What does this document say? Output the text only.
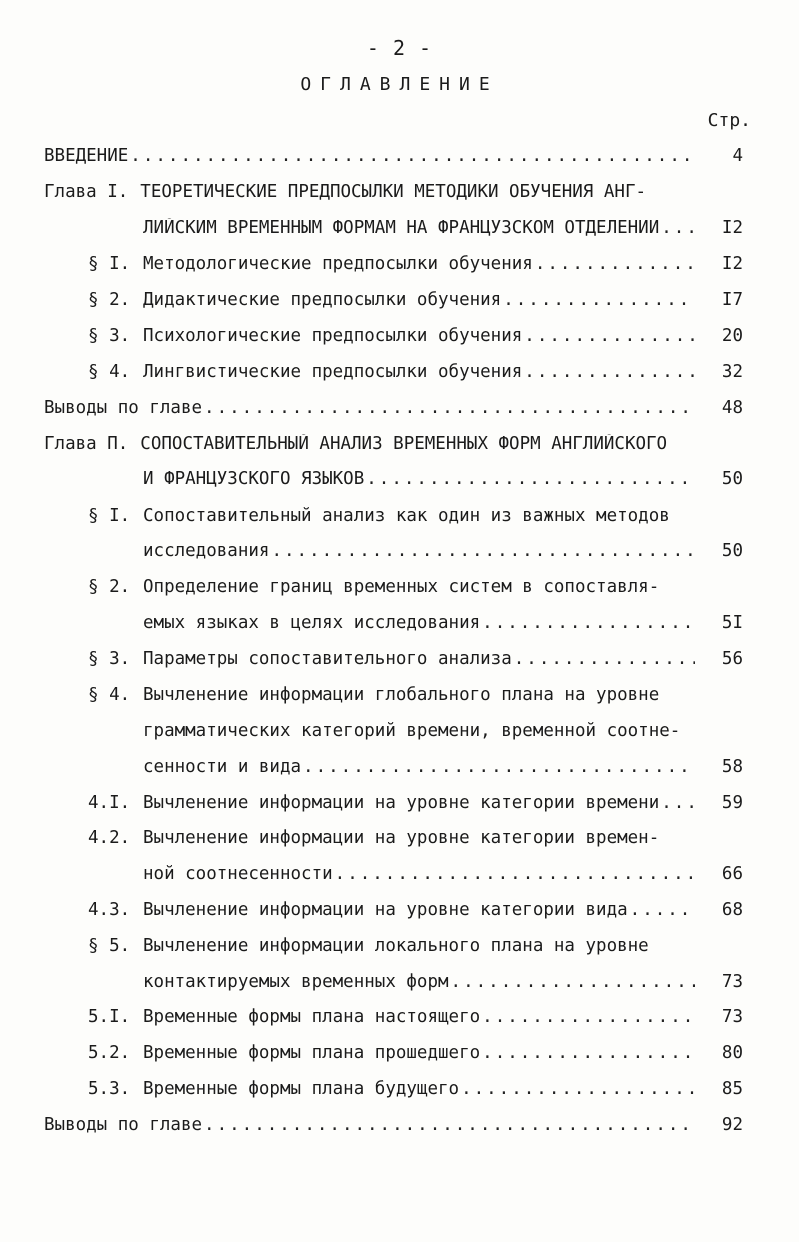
- 2 -
ОГЛАВЛЕНИЕ
Стр.
ВВЕДЕНИЕ .....	4
Глава I. ТЕОРЕТИЧЕСКИЕ ПРЕДПОСЫЛКИ МЕТОДИКИ ОБУЧЕНИЯ АНГ-
ЛИЙСКИМ ВРЕМЕННЫМ ФОРМАМ НА ФРАНЦУЗСКОМ ОТДЕЛЕНИИ .....	I2
§ I. Методологические предпосылки обучения .....	I2
§ 2. Дидактические предпосылки обучения .....	I7
§ 3. Психологические предпосылки обучения .....	20
§ 4. Лингвистические предпосылки обучения .....	32
Выводы по главе .....	48
Глава П. СОПОСТАВИТЕЛЬНЫЙ АНАЛИЗ ВРЕМЕННЫХ ФОРМ АНГЛИЙСКОГО
И ФРАНЦУЗСКОГО ЯЗЫКОВ .....	50
§ I. Сопоставительный анализ как один из важных методов
исследования .....	50
§ 2. Определение границ временных систем в сопоставля-
емых языках в целях исследования .....	5I
§ 3. Параметры сопоставительного анализа .....	56
§ 4. Вычленение информации глобального плана на уровне
грамматических категорий времени, временной соотне-
сенности и вида .....	58
4.I. Вычленение информации на уровне категории времени .....	59
4.2. Вычленение информации на уровне категории времен-
ной соотнесенности .....	66
4.3. Вычленение информации на уровне категории вида .....	68
§ 5. Вычленение информации локального плана на уровне
контактируемых временных форм .....	73
5.I. Временные формы плана настоящего .....	73
5.2. Временные формы плана прошедшего .....	80
5.3. Временные формы плана будущего .....	85
Выводы по главе .....	92
